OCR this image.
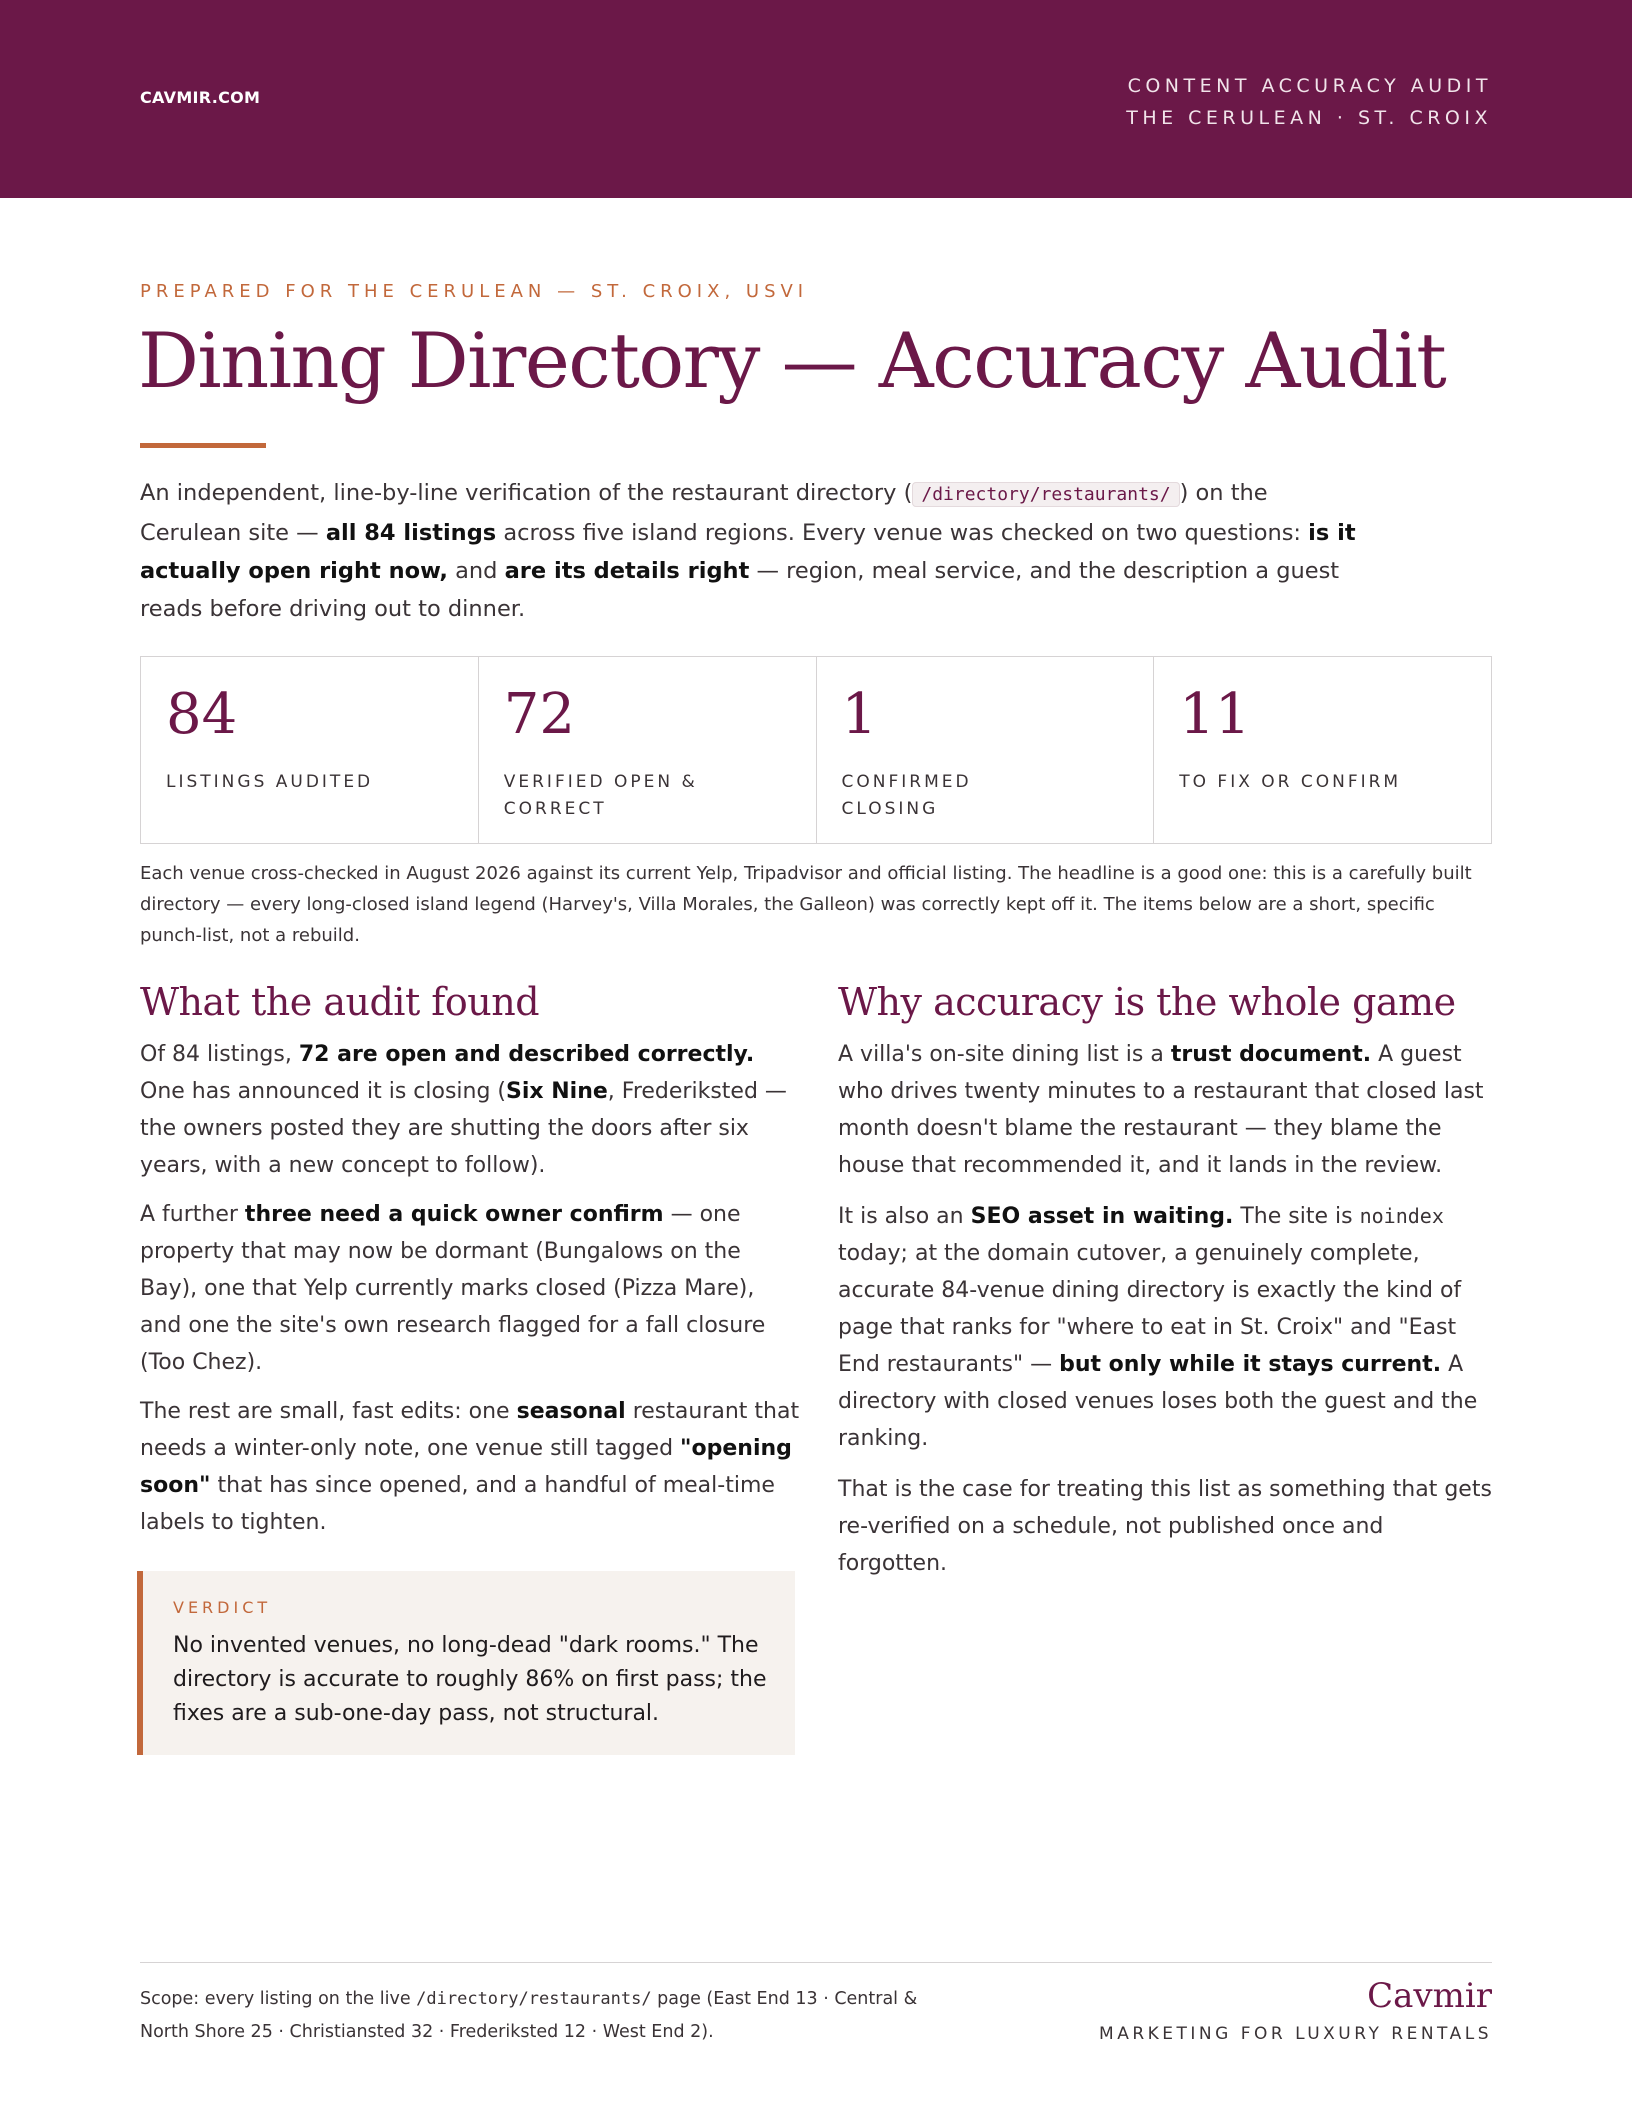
CAVMIR.COM
CONTENT ACCURACY AUDIT
THE CERULEAN · ST. CROIX
PREPARED FOR THE CERULEAN — ST. CROIX, USVI
Dining Directory — Accuracy Audit

An independent, line-by-line verification of the restaurant directory ( /directory/restaurants/ ) on the Cerulean site — all 84 listings across five island regions. Every venue was checked on two questions: is it actually open right now, and are its details right — region, meal service, and the description a guest reads before driving out to dinner.

84
LISTINGS AUDITED
72
VERIFIED OPEN & CORRECT
1
CONFIRMED CLOSING
11
TO FIX OR CONFIRM

Each venue cross-checked in August 2026 against its current Yelp, Tripadvisor and official listing. The headline is a good one: this is a carefully built directory — every long-closed island legend (Harvey's, Villa Morales, the Galleon) was correctly kept off it. The items below are a short, specific punch-list, not a rebuild.

What the audit found

Of 84 listings, 72 are open and described correctly. One has announced it is closing (Six Nine, Frederiksted — the owners posted they are shutting the doors after six years, with a new concept to follow).

A further three need a quick owner confirm — one property that may now be dormant (Bungalows on the Bay), one that Yelp currently marks closed (Pizza Mare), and one the site's own research flagged for a fall closure (Too Chez).

The rest are small, fast edits: one seasonal restaurant that needs a winter-only note, one venue still tagged "opening soon" that has since opened, and a handful of meal-time labels to tighten.

VERDICT

No invented venues, no long-dead "dark rooms." The directory is accurate to roughly 86% on first pass; the fixes are a sub-one-day pass, not structural.

Why accuracy is the whole game

A villa's on-site dining list is a trust document. A guest who drives twenty minutes to a restaurant that closed last month doesn't blame the restaurant — they blame the house that recommended it, and it lands in the review.

It is also an SEO asset in waiting. The site is noindex today; at the domain cutover, a genuinely complete, accurate 84-venue dining directory is exactly the kind of page that ranks for "where to eat in St. Croix" and "East End restaurants" — but only while it stays current. A directory with closed venues loses both the guest and the ranking.

That is the case for treating this list as something that gets re-verified on a schedule, not published once and forgotten.

Scope: every listing on the live /directory/restaurants/ page (East End 13 · Central & North Shore 25 · Christiansted 32 · Frederiksted 12 · West End 2).

Cavmir
MARKETING FOR LUXURY RENTALS
